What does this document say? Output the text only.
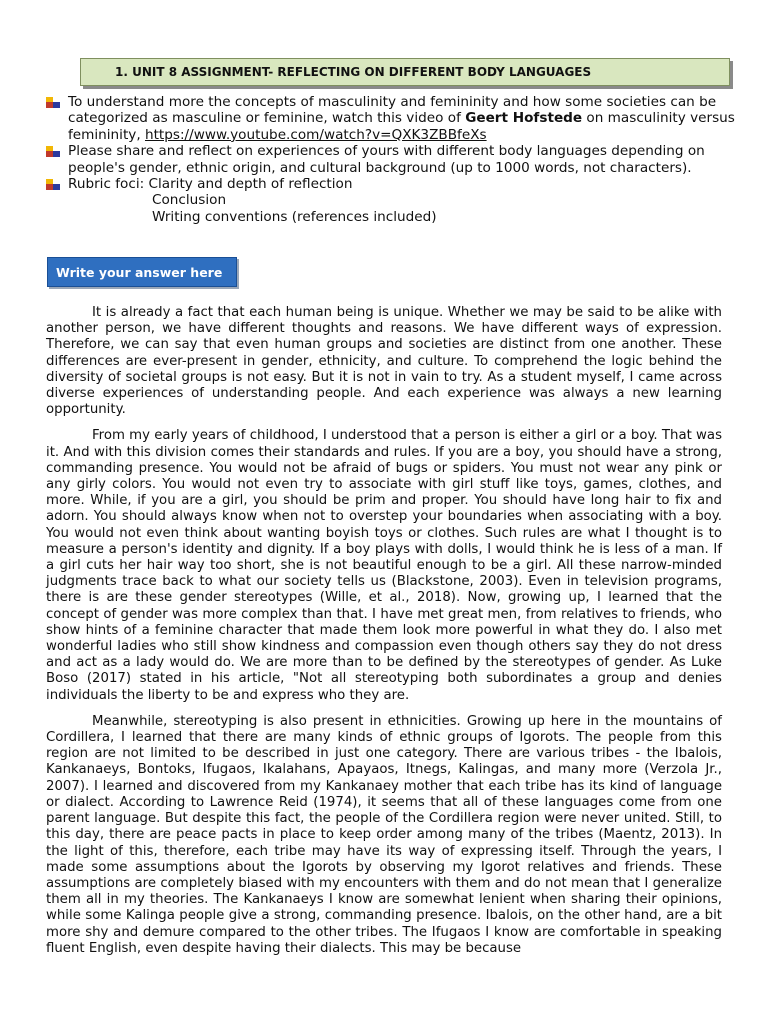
1. UNIT 8 ASSIGNMENT- REFLECTING ON DIFFERENT BODY LANGUAGES

To understand more the concepts of masculinity and femininity and how some societies can be categorized as masculine or feminine, watch this video of Geert Hofstede on masculinity versus femininity, https://www.youtube.com/watch?v=QXK3ZBBfeXs

Please share and reflect on experiences of yours with different body languages depending on people's gender, ethnic origin, and cultural background (up to 1000 words, not characters).

Rubric foci: Clarity and depth of reflection

Conclusion

Writing conventions (references included)

Write your answer here

It is already a fact that each human being is unique. Whether we may be said to be alike with another person, we have different thoughts and reasons. We have different ways of expression. Therefore, we can say that even human groups and societies are distinct from one another. These differences are ever-present in gender, ethnicity, and culture. To comprehend the logic behind the diversity of societal groups is not easy. But it is not in vain to try. As a student myself, I came across diverse experiences of understanding people. And each experience was always a new learning opportunity.

From my early years of childhood, I understood that a person is either a girl or a boy. That was it. And with this division comes their standards and rules. If you are a boy, you should have a strong, commanding presence. You would not be afraid of bugs or spiders. You must not wear any pink or any girly colors. You would not even try to associate with girl stuff like toys, games, clothes, and more. While, if you are a girl, you should be prim and proper. You should have long hair to fix and adorn. You should always know when not to overstep your boundaries when associating with a boy. You would not even think about wanting boyish toys or clothes. Such rules are what I thought is to measure a person's identity and dignity. If a boy plays with dolls, I would think he is less of a man. If a girl cuts her hair way too short, she is not beautiful enough to be a girl. All these narrow-minded judgments trace back to what our society tells us (Blackstone, 2003). Even in television programs, there is are these gender stereotypes (Wille, et al., 2018). Now, growing up, I learned that the concept of gender was more complex than that. I have met great men, from relatives to friends, who show hints of a feminine character that made them look more powerful in what they do. I also met wonderful ladies who still show kindness and compassion even though others say they do not dress and act as a lady would do. We are more than to be defined by the stereotypes of gender. As Luke Boso (2017) stated in his article, "Not all stereotyping both subordinates a group and denies individuals the liberty to be and express who they are.

Meanwhile, stereotyping is also present in ethnicities. Growing up here in the mountains of Cordillera, I learned that there are many kinds of ethnic groups of Igorots. The people from this region are not limited to be described in just one category. There are various tribes - the Ibalois, Kankanaeys, Bontoks, Ifugaos, Ikalahans, Apayaos, Itnegs, Kalingas, and many more (Verzola Jr., 2007). I learned and discovered from my Kankanaey mother that each tribe has its kind of language or dialect. According to Lawrence Reid (1974), it seems that all of these languages come from one parent language. But despite this fact, the people of the Cordillera region were never united. Still, to this day, there are peace pacts in place to keep order among many of the tribes (Maentz, 2013). In the light of this, therefore, each tribe may have its way of expressing itself. Through the years, I made some assumptions about the Igorots by observing my Igorot relatives and friends. These assumptions are completely biased with my encounters with them and do not mean that I generalize them all in my theories. The Kankanaeys I know are somewhat lenient when sharing their opinions, while some Kalinga people give a strong, commanding presence. Ibalois, on the other hand, are a bit more shy and demure compared to the other tribes. The Ifugaos I know are comfortable in speaking fluent English, even despite having their dialects. This may be because
